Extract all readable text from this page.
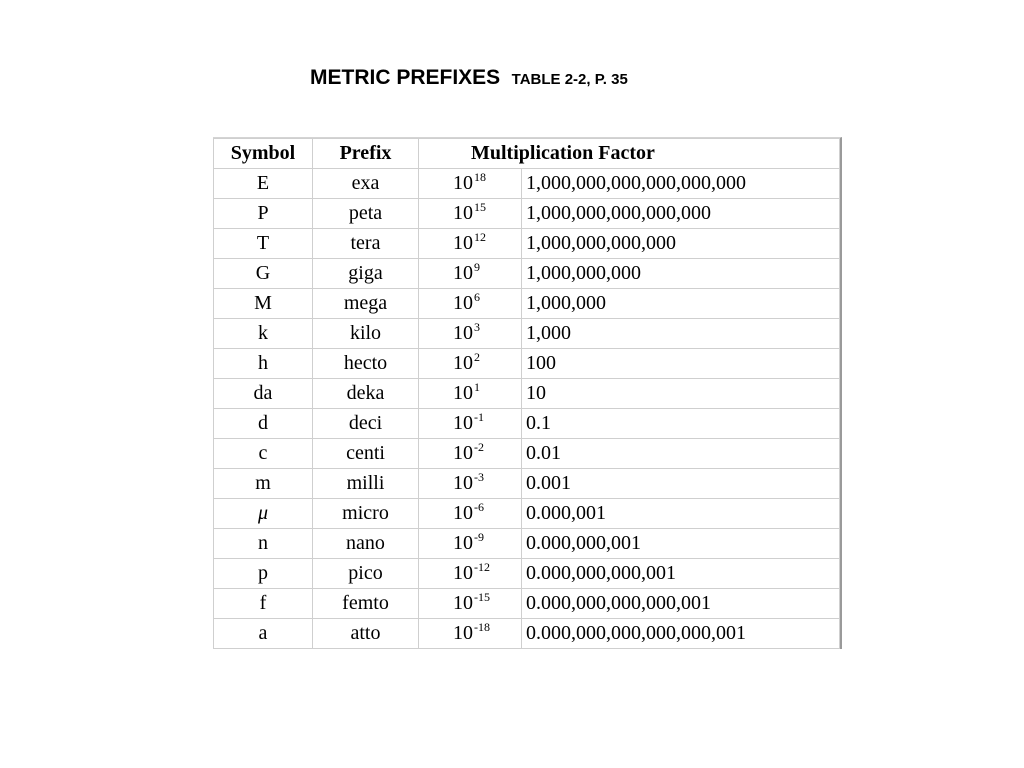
METRIC PREFIXES TABLE 2-2, P. 35
Symbol	Prefix	Multiplication Factor	
E	exa	$10^{18}$	1,000,000,000,000,000,000
P	peta	$10^{15}$	1,000,000,000,000,000
T	tera	$10^{12}$	1,000,000,000,000
G	giga	$10^9$	1,000,000,000
M	mega	$10^6$	1,000,000
k	kilo	$10^3$	1,000
h	hecto	$10^2$	100
da	deka	$10^1$	10
d	deci	$10^{-1}$	0.1
c	centi	$10^{-2}$	0.01
m	milli	$10^{-3}$	0.001
μ	micro	$10^{-6}$	0.000,001
n	nano	$10^{-9}$	0.000,000,001
p	pico	$10^{-12}$	0.000,000,000,001
f	femto	$10^{-15}$	0.000,000,000,000,001
a	atto	$10^{-18}$	0.000,000,000,000,000,001
